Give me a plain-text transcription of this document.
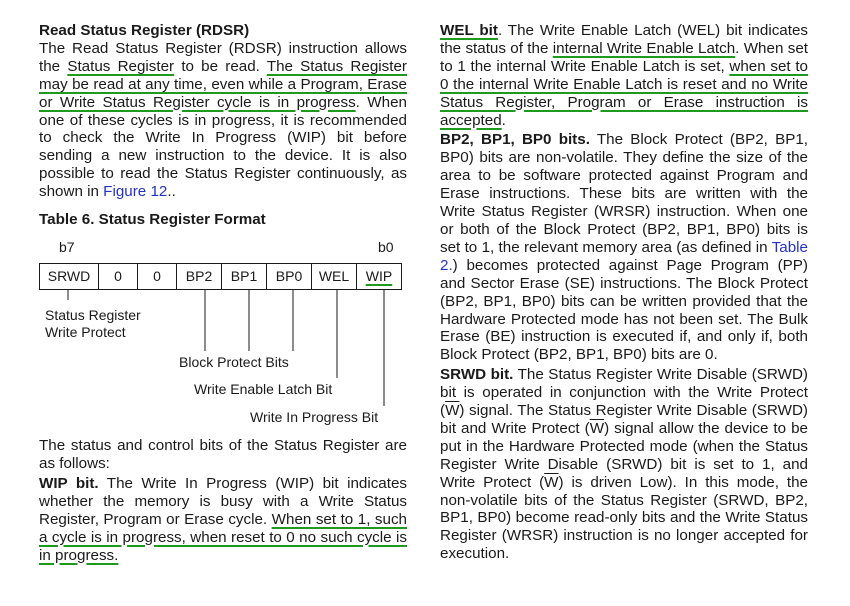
Read Status Register (RDSR)

The Read Status Register (RDSR) instruction allows the Status Register to be read. The Status Register may be read at any time, even while a Program, Erase or Write Status Register cycle is in progress. When one of these cycles is in progress, it is recommended to check the Write In Progress (WIP) bit before sending a new instruction to the device. It is also possible to read the Status Register continuously, as shown in Figure 12..

Table 6. Status Register Format
b7	b0
SRWD	0	0	BP2	BP1	BP0	WEL	WIP
Status Register Write Protect
Block Protect Bits
Write Enable Latch Bit
Write In Progress Bit

The status and control bits of the Status Register are as follows:

WIP bit. The Write In Progress (WIP) bit indicates whether the memory is busy with a Write Status Register, Program or Erase cycle. When set to 1, such a cycle is in progress, when reset to 0 no such cycle is in progress.

WEL bit. The Write Enable Latch (WEL) bit indicates the status of the internal Write Enable Latch. When set to 1 the internal Write Enable Latch is set, when set to 0 the internal Write Enable Latch is reset and no Write Status Register, Program or Erase instruction is accepted.

BP2, BP1, BP0 bits. The Block Protect (BP2, BP1, BP0) bits are non-volatile. They define the size of the area to be software protected against Program and Erase instructions. These bits are written with the Write Status Register (WRSR) instruction. When one or both of the Block Protect (BP2, BP1, BP0) bits is set to 1, the relevant memory area (as defined in Table 2.) becomes protected against Page Program (PP) and Sector Erase (SE) instructions. The Block Protect (BP2, BP1, BP0) bits can be written provided that the Hardware Protected mode has not been set. The Bulk Erase (BE) instruction is executed if, and only if, both Block Protect (BP2, BP1, BP0) bits are 0.

SRWD bit. The Status Register Write Disable (SRWD) bit is operated in conjunction with the Write Protect $(\overline{W})$ signal. The Status Register Write Disable (SRWD) bit and Write Protect $(\overline{W})$ signal allow the device to be put in the Hardware Protected mode (when the Status Register Write Disable (SRWD) bit is set to 1, and Write Protect $(\overline{W})$ is driven Low). In this mode, the non-volatile bits of the Status Register (SRWD, BP2, BP1, BP0) become read-only bits and the Write Status Register (WRSR) instruction is no longer accepted for execution.
